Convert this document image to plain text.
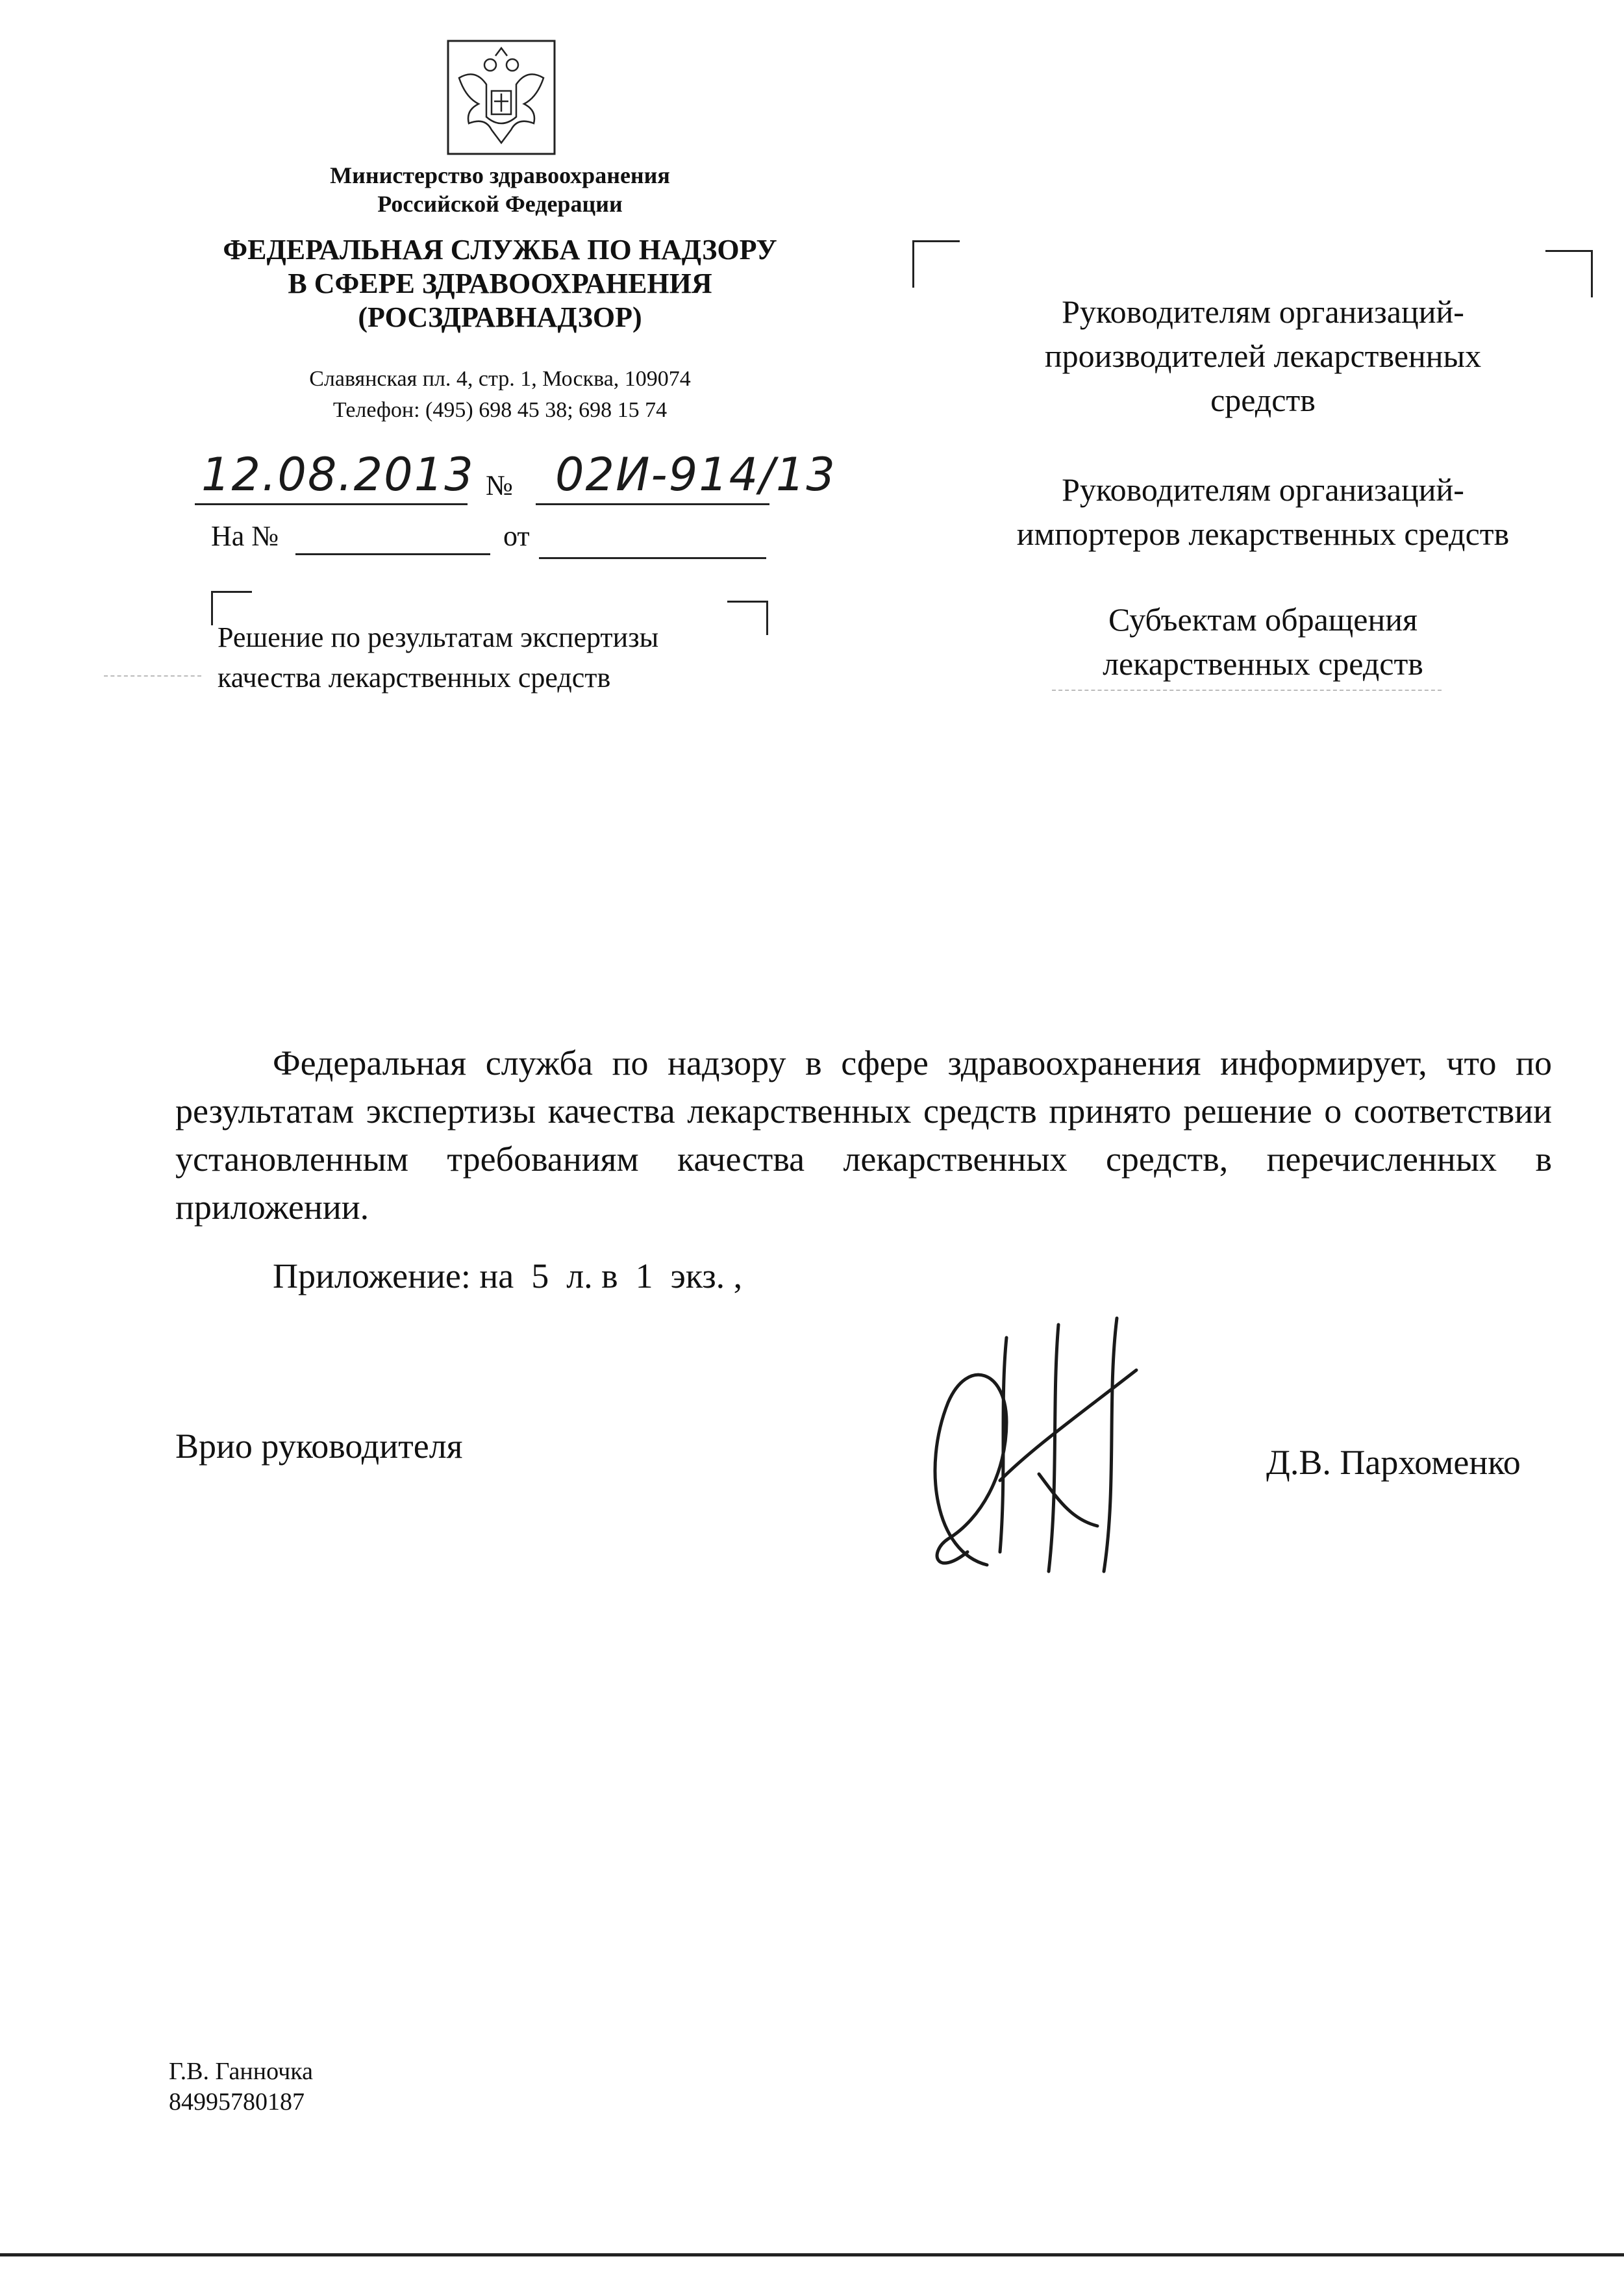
Министерство здравоохранения
Российской Федерации
ФЕДЕРАЛЬНАЯ СЛУЖБА ПО НАДЗОРУ
В СФЕРЕ ЗДРАВООХРАНЕНИЯ
(РОСЗДРАВНАДЗОР)
Славянская пл. 4, стр. 1, Москва, 109074
Телефон: (495) 698 45 38; 698 15 74
12.08.2013 № 02И-914/13
На №	от
Решение по результатам экспертизы
качества лекарственных средств
Руководителям организаций-
производителей лекарственных
средств
Руководителям организаций-
импортеров лекарственных средств
Субъектам обращения
лекарственных средств
Федеральная служба по надзору в сфере здравоохранения информирует, что по результатам экспертизы качества лекарственных средств принято решение о соответствии установленным требованиям качества лекарственных средств, перечисленных в приложении.
Приложение: на  5  л. в  1  экз. ,
Врио руководителя	Д.В. Пархоменко
Г.В. Ганночка
84995780187
